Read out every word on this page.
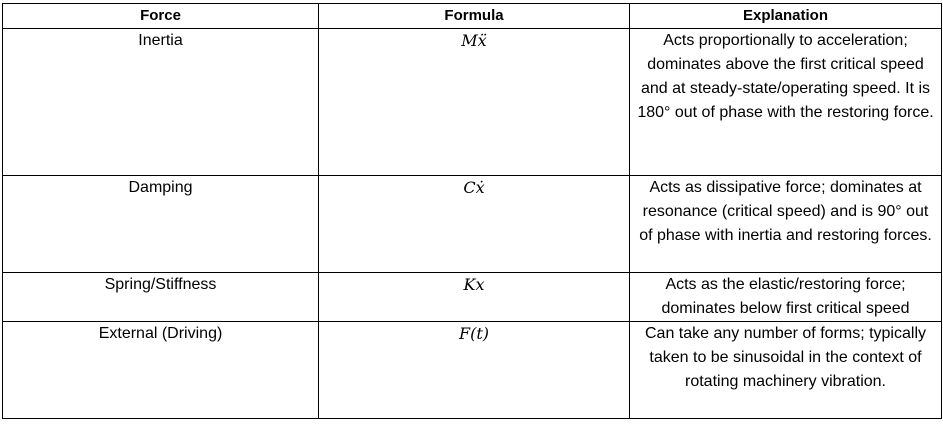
Force	Formula	Explanation
Inertia	Mẍ	Acts proportionally to acceleration; dominates above the first critical speed and at steady-state/operating speed. It is 180° out of phase with the restoring force.
Damping	Cẋ	Acts as dissipative force; dominates at resonance (critical speed) and is 90° out of phase with inertia and restoring forces.
Spring/Stiffness	Kx	Acts as the elastic/restoring force; dominates below first critical speed
External (Driving)	F(t)	Can take any number of forms; typically taken to be sinusoidal in the context of rotating machinery vibration.
